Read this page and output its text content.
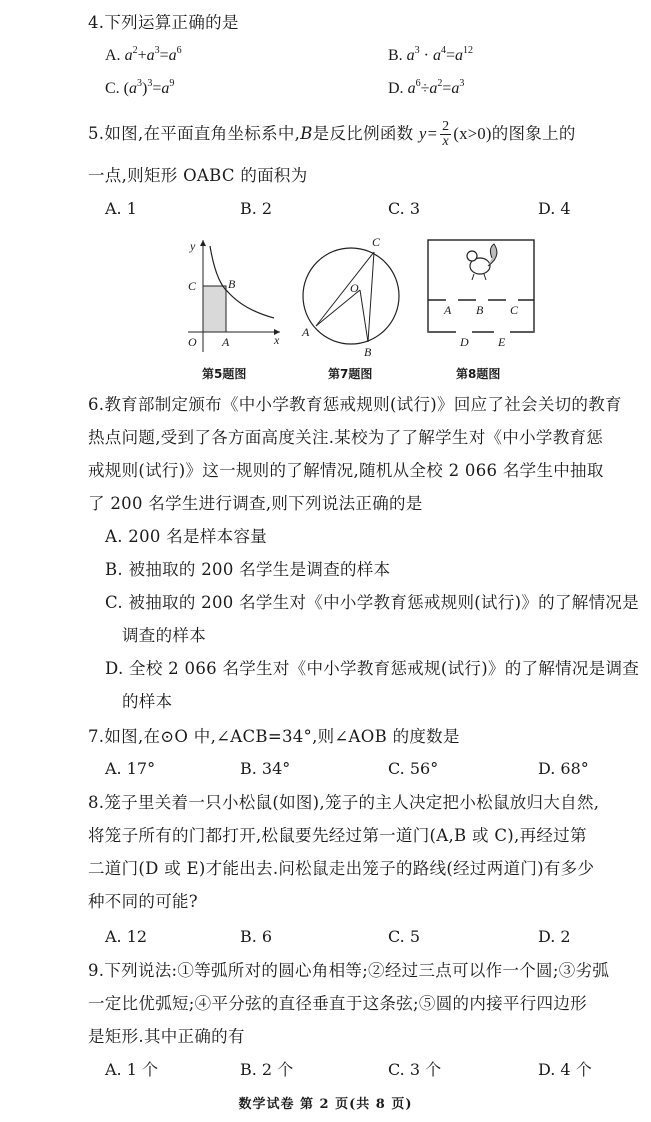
4.下列运算正确的是
A. $a^2+a^3=a^6$	B. $a^3 \cdot a^4=a^{12}$
C. $(a^3)^3=a^9$	D. $a^6\div a^2=a^3$
5.如图,在平面直角坐标系中,B是反比例函数 $y= \frac{2}{x} (x>0)$的图象上的
一点,则矩形 OABC 的面积为
A. 1	B. 2	C. 3	D. 4
y
x
O A
B
C
第5题图
C
O
A
B
第7题图
A B C
D E
第8题图
6.教育部制定颁布《中小学教育惩戒规则(试行)》回应了社会关切的教育
热点问题,受到了各方面高度关注.某校为了了解学生对《中小学教育惩
戒规则(试行)》这一规则的了解情况,随机从全校 2 066 名学生中抽取
了 200 名学生进行调查,则下列说法正确的是
A. 200 名是样本容量
B. 被抽取的 200 名学生是调查的样本
C. 被抽取的 200 名学生对《中小学教育惩戒规则(试行)》的了解情况是
调查的样本
D. 全校 2 066 名学生对《中小学教育惩戒规(试行)》的了解情况是调查
的样本
7.如图,在⊙O 中,∠ACB=34°,则∠AOB 的度数是
A. 17°	B. 34°	C. 56°	D. 68°
8.笼子里关着一只小松鼠(如图),笼子的主人决定把小松鼠放归大自然,
将笼子所有的门都打开,松鼠要先经过第一道门(A,B 或 C),再经过第
二道门(D 或 E)才能出去.问松鼠走出笼子的路线(经过两道门)有多少
种不同的可能?
A. 12	B. 6	C. 5	D. 2
9.下列说法:①等弧所对的圆心角相等;②经过三点可以作一个圆;③劣弧
一定比优弧短;④平分弦的直径垂直于这条弦;⑤圆的内接平行四边形
是矩形.其中正确的有
A. 1 个	B. 2 个	C. 3 个	D. 4 个
数学试卷 第 2 页(共 8 页)
